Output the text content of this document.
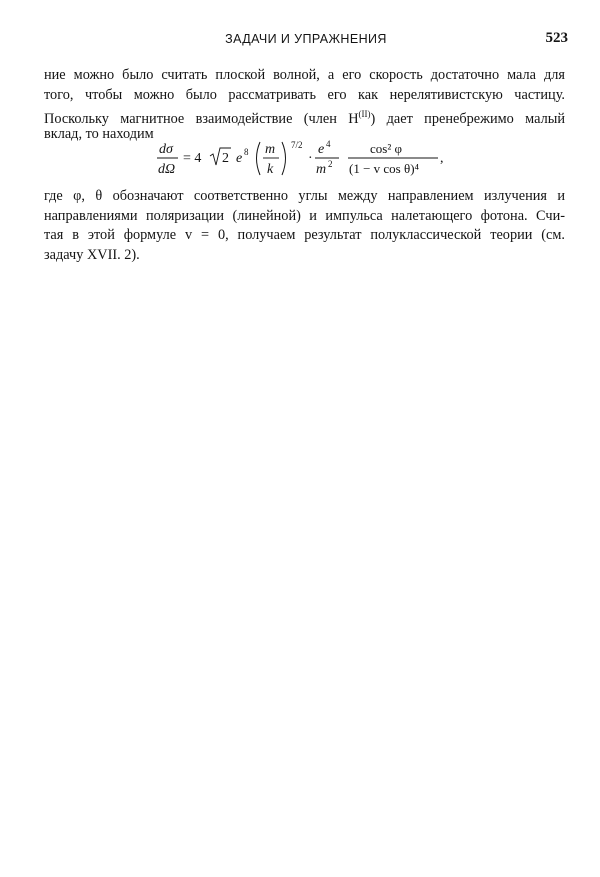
ЗАДАЧИ И УПРАЖНЕНИЯ	523
ние можно было считать плоской волной, а его скорость достаточно мала для
того, чтобы можно было рассматривать его как нерелятивистскую частицу.
Поскольку магнитное взаимодействие (член $H^{(II)}$) дает пренебрежимо малый
вклад, то находим
dσ
dΩ
= 4 2 e 8 m
k
7/2
·
e 4
m 2
cos² φ
(1 − v cos θ)⁴
,
где φ, θ обозначают соответственно углы между направлением излучения и
направлениями поляризации (линейной) и импульса налетающего фотона. Счи-
тая в этой формуле v = 0, получаем результат полуклассической теории (см.
задачу XVII. 2).
